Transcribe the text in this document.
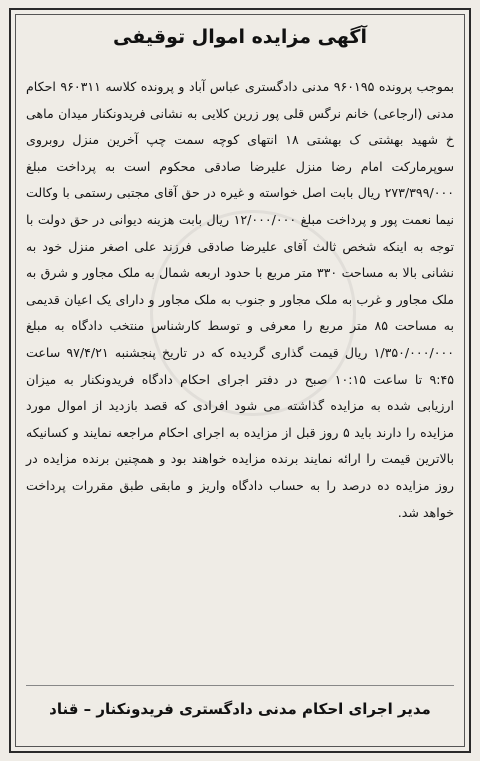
آگهی مزایده اموال توقیفی

بموجب پرونده ۹۶۰۱۹۵ مدنی دادگستری عباس آباد و پرونده کلاسه ۹۶۰۳۱۱ احکام مدنی (ارجاعی) خانم نرگس قلی پور زرین کلایی به نشانی فریدونکنار میدان ماهی خ شهید بهشتی ک بهشتی ۱۸ انتهای کوچه سمت چپ آخرین منزل روبروی سوپرمارکت امام رضا منزل علیرضا صادقی محکوم است به پرداخت مبلغ ۲۷۳/۳۹۹/۰۰۰ ریال بابت اصل خواسته و غیره در حق آقای مجتبی رستمی با وکالت نیما نعمت پور و پرداخت مبلغ ۱۲/۰۰۰/۰۰۰ ریال بابت هزینه دیوانی در حق دولت با توجه به اینکه شخص ثالث آقای علیرضا صادقی فرزند علی اصغر منزل خود به نشانی بالا به مساحت ۳۳۰ متر مربع با حدود اربعه شمال به ملک مجاور و شرق به ملک مجاور و غرب به ملک مجاور و جنوب به ملک مجاور و دارای یک اعیان قدیمی به مساحت ۸۵ متر مربع را معرفی و توسط کارشناس منتخب دادگاه به مبلغ ۱/۳۵۰/۰۰۰/۰۰۰ ریال قیمت گذاری گردیده که در تاریخ پنجشنبه ۹۷/۴/۲۱ ساعت ۹:۴۵ تا ساعت ۱۰:۱۵ صبح در دفتر اجرای احکام دادگاه فریدونکنار به میزان ارزیابی شده به مزایده گذاشته می شود افرادی که قصد بازدید از اموال مورد مزایده را دارند باید ۵ روز قبل از مزایده به اجرای احکام مراجعه نمایند و کسانیکه بالاترین قیمت را ارائه نمایند برنده مزایده خواهند بود و همچنین برنده مزایده در روز مزایده ده درصد را به حساب دادگاه واریز و مابقی طبق مقررات پرداخت خواهد شد.

مدیر اجرای احکام مدنی دادگستری فریدونکنار – قناد
